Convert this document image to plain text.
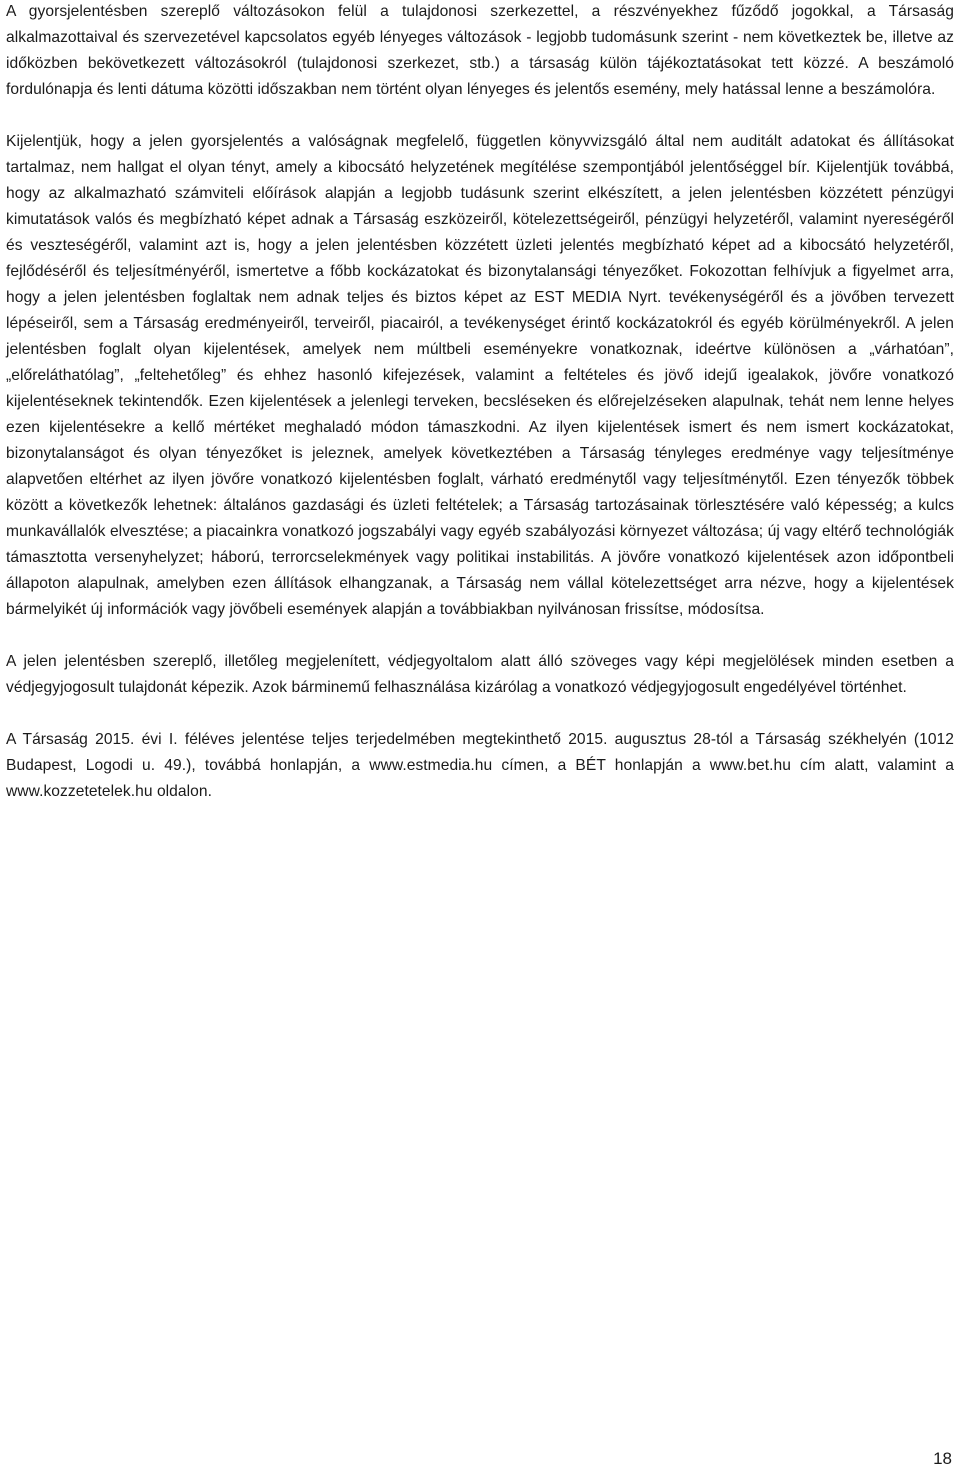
A gyorsjelentésben szereplő változásokon felül a tulajdonosi szerkezettel, a részvényekhez fűződő jogokkal, a Társaság alkalmazottaival és szervezetével kapcsolatos egyéb lényeges változások - legjobb tudomásunk szerint - nem következtek be, illetve az időközben bekövetkezett változásokról (tulajdonosi szerkezet, stb.) a társaság külön tájékoztatásokat tett közzé. A beszámoló fordulónapja és lenti dátuma közötti időszakban nem történt olyan lényeges és jelentős esemény, mely hatással lenne a beszámolóra.

Kijelentjük, hogy a jelen gyorsjelentés a valóságnak megfelelő, független könyvvizsgáló által nem auditált adatokat és állításokat tartalmaz, nem hallgat el olyan tényt, amely a kibocsátó helyzetének megítélése szempontjából jelentőséggel bír. Kijelentjük továbbá, hogy az alkalmazható számviteli előírások alapján a legjobb tudásunk szerint elkészített, a jelen jelentésben közzétett pénzügyi kimutatások valós és megbízható képet adnak a Társaság eszközeiről, kötelezettségeiről, pénzügyi helyzetéről, valamint nyereségéről és veszteségéről, valamint azt is, hogy a jelen jelentésben közzétett üzleti jelentés megbízható képet ad a kibocsátó helyzetéről, fejlődéséről és teljesítményéről, ismertetve a főbb kockázatokat és bizonytalansági tényezőket. Fokozottan felhívjuk a figyelmet arra, hogy a jelen jelentésben foglaltak nem adnak teljes és biztos képet az EST MEDIA Nyrt. tevékenységéről és a jövőben tervezett lépéseiről, sem a Társaság eredményeiről, terveiről, piacairól, a tevékenységet érintő kockázatokról és egyéb körülményekről. A jelen jelentésben foglalt olyan kijelentések, amelyek nem múltbeli eseményekre vonatkoznak, ideértve különösen a „várhatóan”, „előreláthatólag”, „feltehetőleg” és ehhez hasonló kifejezések, valamint a feltételes és jövő idejű igealakok, jövőre vonatkozó kijelentéseknek tekintendők. Ezen kijelentések a jelenlegi terveken, becsléseken és előrejelzéseken alapulnak, tehát nem lenne helyes ezen kijelentésekre a kellő mértéket meghaladó módon támaszkodni. Az ilyen kijelentések ismert és nem ismert kockázatokat, bizonytalanságot és olyan tényezőket is jeleznek, amelyek következtében a Társaság tényleges eredménye vagy teljesítménye alapvetően eltérhet az ilyen jövőre vonatkozó kijelentésben foglalt, várható eredménytől vagy teljesítménytől. Ezen tényezők többek között a következők lehetnek: általános gazdasági és üzleti feltételek; a Társaság tartozásainak törlesztésére való képesség; a kulcs munkavállalók elvesztése; a piacainkra vonatkozó jogszabályi vagy egyéb szabályozási környezet változása; új vagy eltérő technológiák támasztotta versenyhelyzet; háború, terrorcselekmények vagy politikai instabilitás. A jövőre vonatkozó kijelentések azon időpontbeli állapoton alapulnak, amelyben ezen állítások elhangzanak, a Társaság nem vállal kötelezettséget arra nézve, hogy a kijelentések bármelyikét új információk vagy jövőbeli események alapján a továbbiakban nyilvánosan frissítse, módosítsa.

A jelen jelentésben szereplő, illetőleg megjelenített, védjegyoltalom alatt álló szöveges vagy képi megjelölések minden esetben a védjegyjogosult tulajdonát képezik. Azok bárminemű felhasználása kizárólag a vonatkozó védjegyjogosult engedélyével történhet.

A Társaság 2015. évi I. féléves jelentése teljes terjedelmében megtekinthető 2015. augusztus 28-tól a Társaság székhelyén (1012 Budapest, Logodi u. 49.), továbbá honlapján, a www.estmedia.hu címen, a BÉT honlapján a www.bet.hu cím alatt, valamint a www.kozzetetelek.hu oldalon.

18
